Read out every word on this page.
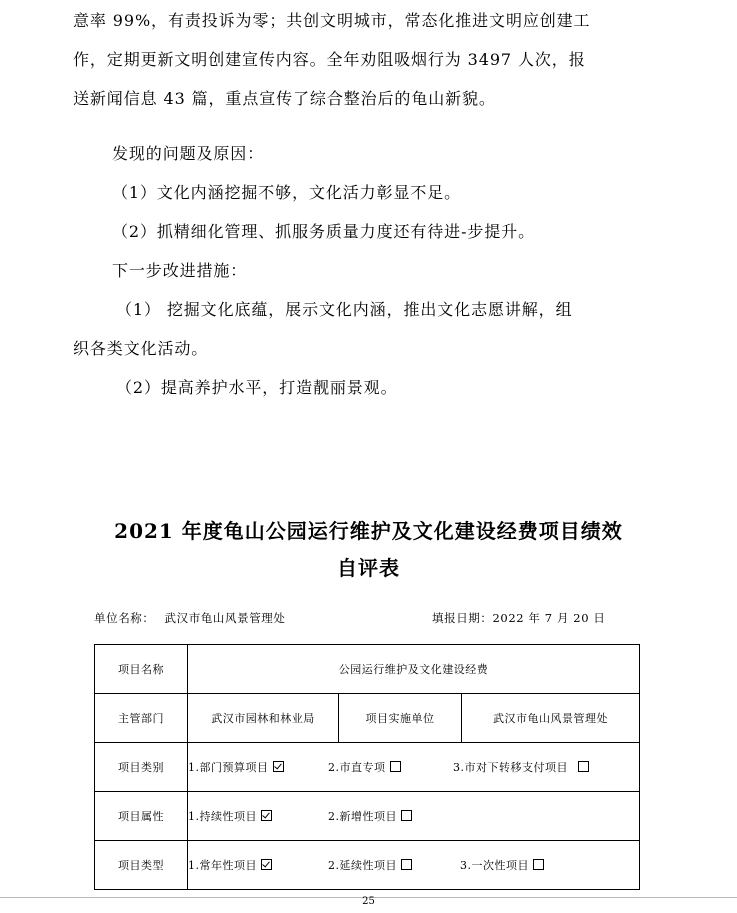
意率 99%，有责投诉为零；共创文明城市，常态化推进文明应创建工

作，定期更新文明创建宣传内容。全年劝阻吸烟行为 3497 人次，报

送新闻信息 43 篇，重点宣传了综合整治后的龟山新貌。

发现的问题及原因：

（1）文化内涵挖掘不够，文化活力彰显不足。

（2）抓精细化管理、抓服务质量力度还有待进-步提升。

下一步改进措施：

（1） 挖掘文化底蕴，展示文化内涵，推出文化志愿讲解，组

织各类文化活动。

（2）提高养护水平，打造靓丽景观。

2021 年度龟山公园运行维护及文化建设经费项目绩效

自评表

单位名称： 武汉市龟山风景管理处	填报日期：2022 年 7 月 20 日
项目名称	公园运行维护及文化建设经费		
主管部门	武汉市园林和林业局	项目实施单位	武汉市龟山风景管理处
项目类别	1.部门预算项目 2.市直专项 3.市对下转移支付项目		
项目属性	1.持续性项目 2.新增性项目		
项目类型	1.常年性项目 2.延续性项目 3.一次性项目		
25
